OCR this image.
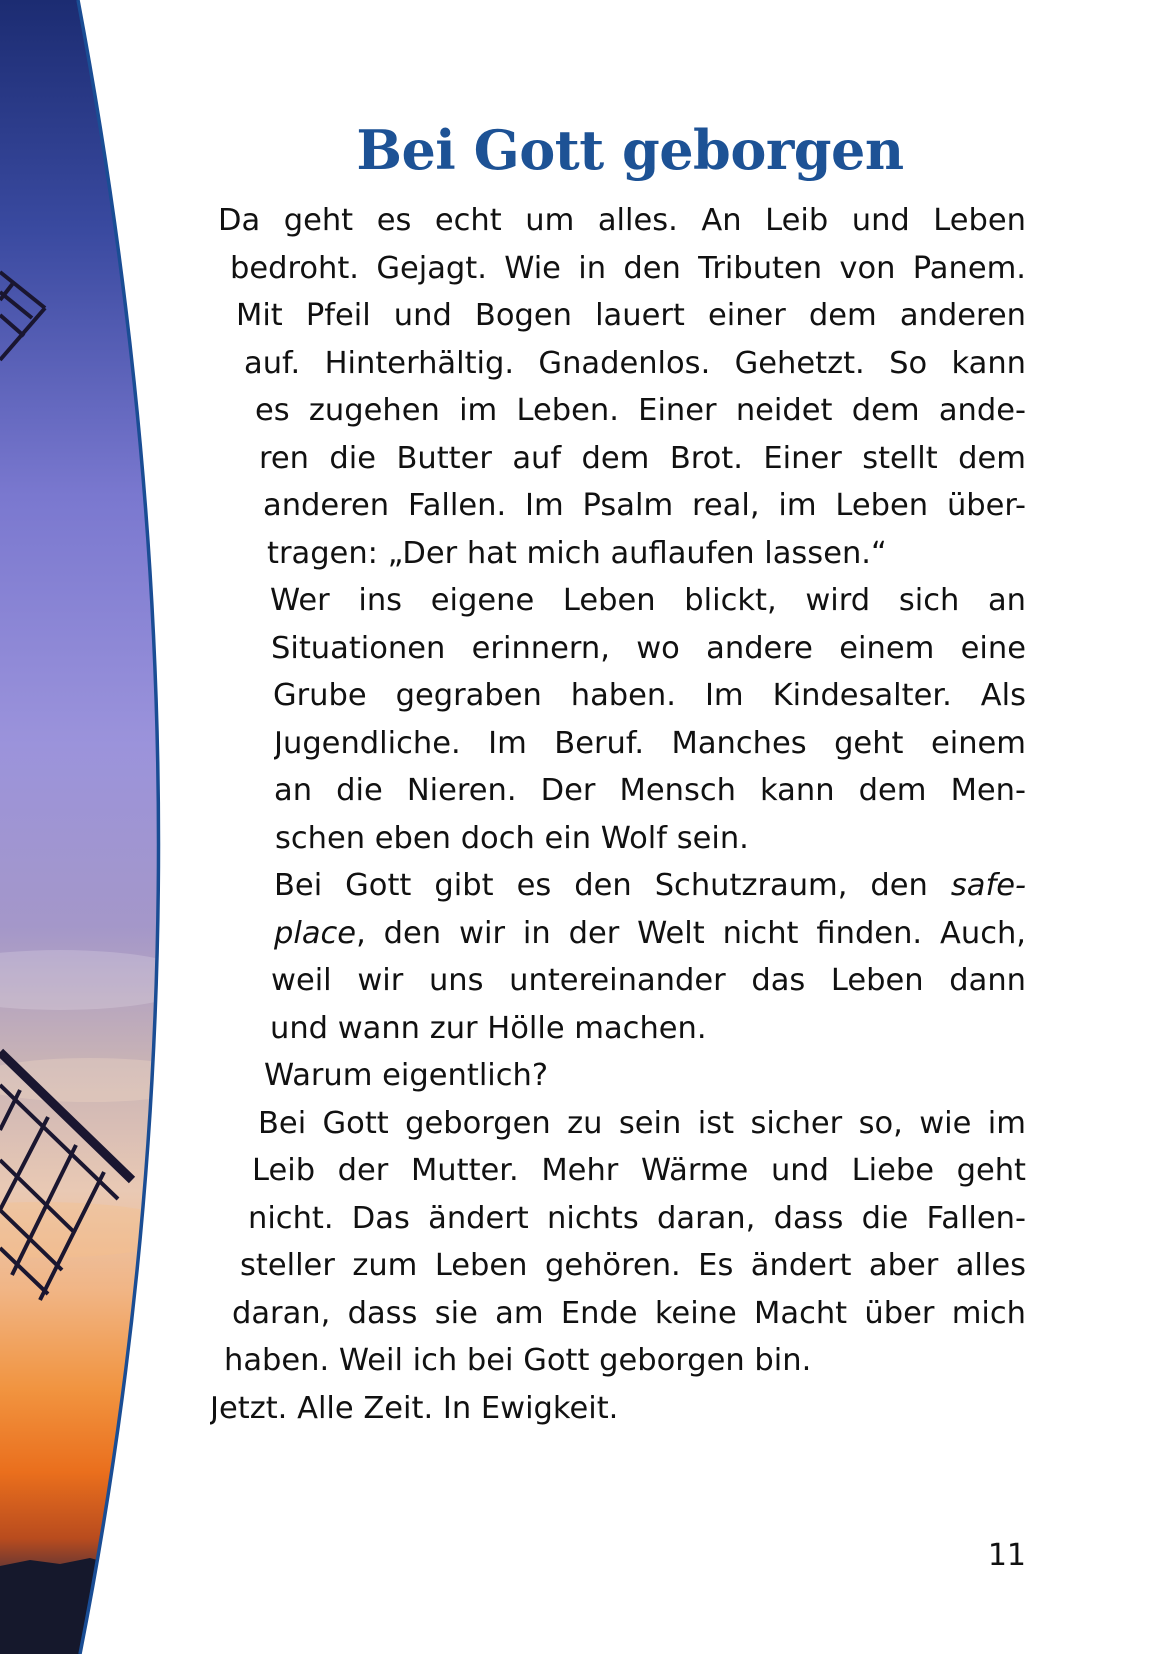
Bei Gott geborgen
Da geht es echt um alles. An Leib und Leben
bedroht. Gejagt. Wie in den Tributen von Panem.
Mit Pfeil und Bogen lauert einer dem anderen
auf. Hinterhältig. Gnadenlos. Gehetzt. So kann
es zugehen im Leben. Einer neidet dem ande-
ren die Butter auf dem Brot. Einer stellt dem
anderen Fallen. Im Psalm real, im Leben über-
tragen: „Der hat mich auflaufen lassen.“
Wer ins eigene Leben blickt, wird sich an
Situationen erinnern, wo andere einem eine
Grube gegraben haben. Im Kindesalter. Als
Jugendliche. Im Beruf. Manches geht einem
an die Nieren. Der Mensch kann dem Men-
schen eben doch ein Wolf sein.
Bei Gott gibt es den Schutzraum, den safe-
place, den wir in der Welt nicht finden. Auch,
weil wir uns untereinander das Leben dann
und wann zur Hölle machen.
Warum eigentlich?
Bei Gott geborgen zu sein ist sicher so, wie im
Leib der Mutter. Mehr Wärme und Liebe geht
nicht. Das ändert nichts daran, dass die Fallen-
steller zum Leben gehören. Es ändert aber alles
daran, dass sie am Ende keine Macht über mich
haben. Weil ich bei Gott geborgen bin.
Jetzt. Alle Zeit. In Ewigkeit.
11
